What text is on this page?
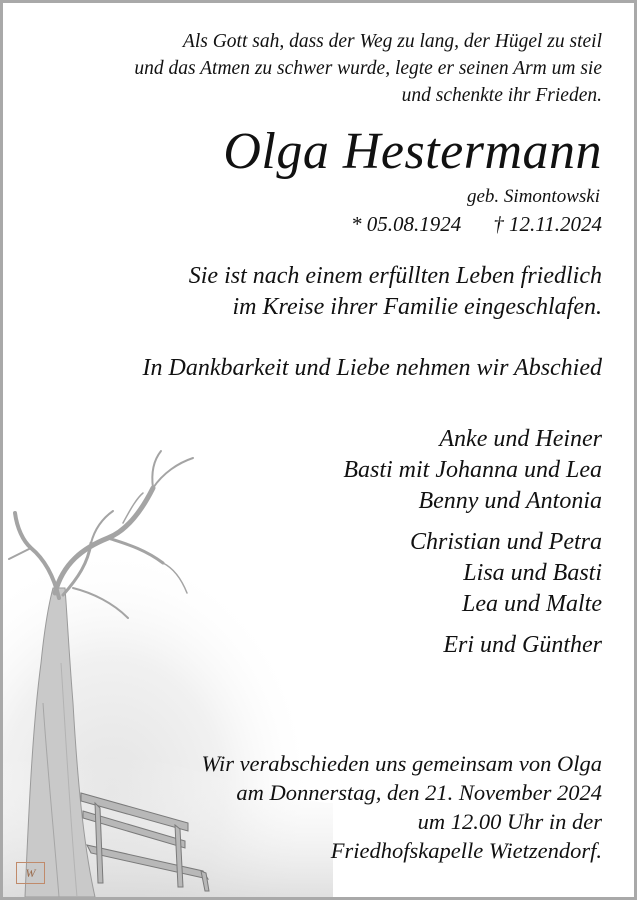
Als Gott sah, dass der Weg zu lang, der Hügel zu steil
und das Atmen zu schwer wurde, legte er seinen Arm um sie
und schenkte ihr Frieden.
Olga Hestermann
geb. Simontowski
* 05.08.1924 † 12.11.2024
Sie ist nach einem erfüllten Leben friedlich
im Kreise ihrer Familie eingeschlafen.
In Dankbarkeit und Liebe nehmen wir Abschied
Anke und Heiner
Basti mit Johanna und Lea
Benny und Antonia
Christian und Petra
Lisa und Basti
Lea und Malte
Eri und Günther
Wir verabschieden uns gemeinsam von Olga
am Donnerstag, den 21. November 2024
um 12.00 Uhr in der
Friedhofskapelle Wietzendorf.
W
